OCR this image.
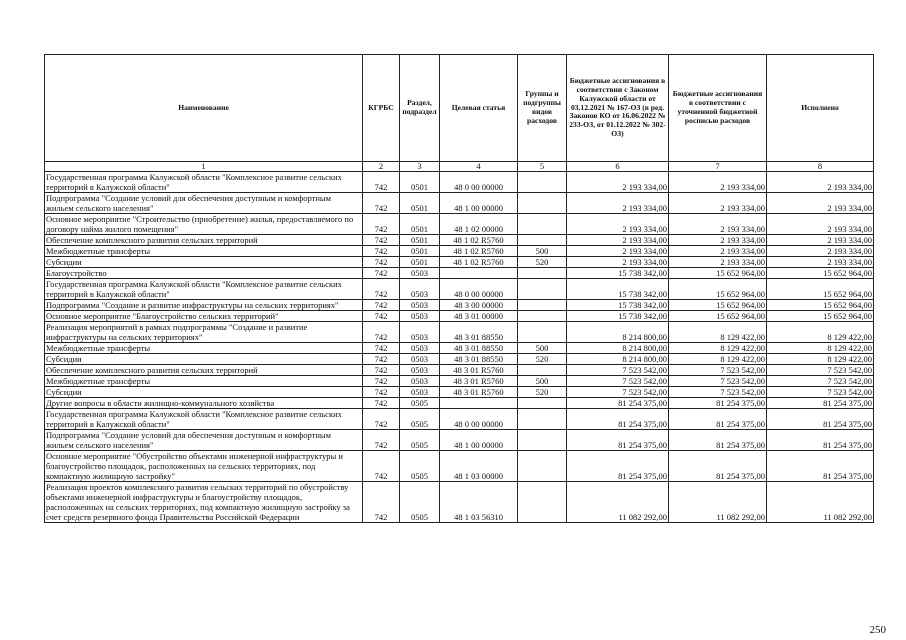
Наименование	КГРБС	Раздел, подраздел	Целевая статья	Группы и подгруппы видов расходов	Бюджетные ассигнования в соответствии с Законом Калужской области от 03.12.2021 № 167-ОЗ (в ред. Законов КО от 16.06.2022 № 233-ОЗ, от 01.12.2022 № 302-ОЗ)	Бюджетные ассигнования в соответствии с уточненной бюджетной росписью расходов	Исполнено
1	2	3	4	5	6	7	8
Государственная программа Калужской области "Комплексное развитие сельских территорий в Калужской области"	742	0501	48 0 00 00000		2 193 334,00	2 193 334,00	2 193 334,00
Подпрограмма "Создание условий для обеспечения доступным и комфортным жильем сельского населения"	742	0501	48 1 00 00000		2 193 334,00	2 193 334,00	2 193 334,00
Основное мероприятие "Строительство (приобретение) жилья, предоставляемого по договору найма жилого помещения"	742	0501	48 1 02 00000		2 193 334,00	2 193 334,00	2 193 334,00
Обеспечение комплексного развития сельских территорий	742	0501	48 1 02 R5760		2 193 334,00	2 193 334,00	2 193 334,00
Межбюджетные трансферты	742	0501	48 1 02 R5760	500	2 193 334,00	2 193 334,00	2 193 334,00
Субсидии	742	0501	48 1 02 R5760	520	2 193 334,00	2 193 334,00	2 193 334,00
Благоустройство	742	0503			15 738 342,00	15 652 964,00	15 652 964,00
Государственная программа Калужской области "Комплексное развитие сельских территорий в Калужской области"	742	0503	48 0 00 00000		15 738 342,00	15 652 964,00	15 652 964,00
Подпрограмма "Создание и развитие инфраструктуры на сельских территориях"	742	0503	48 3 00 00000		15 738 342,00	15 652 964,00	15 652 964,00
Основное мероприятие "Благоустройство сельских территорий"	742	0503	48 3 01 00000		15 738 342,00	15 652 964,00	15 652 964,00
Реализация мероприятий в рамках подпрограммы "Создание и развитие инфраструктуры на сельских территориях"	742	0503	48 3 01 88550		8 214 800,00	8 129 422,00	8 129 422,00
Межбюджетные трансферты	742	0503	48 3 01 88550	500	8 214 800,00	8 129 422,00	8 129 422,00
Субсидии	742	0503	48 3 01 88550	520	8 214 800,00	8 129 422,00	8 129 422,00
Обеспечение комплексного развития сельских территорий	742	0503	48 3 01 R5760		7 523 542,00	7 523 542,00	7 523 542,00
Межбюджетные трансферты	742	0503	48 3 01 R5760	500	7 523 542,00	7 523 542,00	7 523 542,00
Субсидии	742	0503	48 3 01 R5760	520	7 523 542,00	7 523 542,00	7 523 542,00
Другие вопросы в области жилищно-коммунального хозяйства	742	0505			81 254 375,00	81 254 375,00	81 254 375,00
Государственная программа Калужской области "Комплексное развитие сельских территорий в Калужской области"	742	0505	48 0 00 00000		81 254 375,00	81 254 375,00	81 254 375,00
Подпрограмма "Создание условий для обеспечения доступным и комфортным жильем сельского населения"	742	0505	48 1 00 00000		81 254 375,00	81 254 375,00	81 254 375,00
Основное мероприятие "Обустройство объектами инженерной инфраструктуры и благоустройство площадок, расположенных на сельских территориях, под компактную жилищную застройку"	742	0505	48 1 03 00000		81 254 375,00	81 254 375,00	81 254 375,00
Реализация проектов комплексного развития сельских территорий по обустройству объектами инженерной инфраструктуры и благоустройству площадок, расположенных на сельских территориях, под компактную жилищную застройку за счет средств резервного фонда Правительства Российской Федерации	742	0505	48 1 03 56310		11 082 292,00	11 082 292,00	11 082 292,00
250
